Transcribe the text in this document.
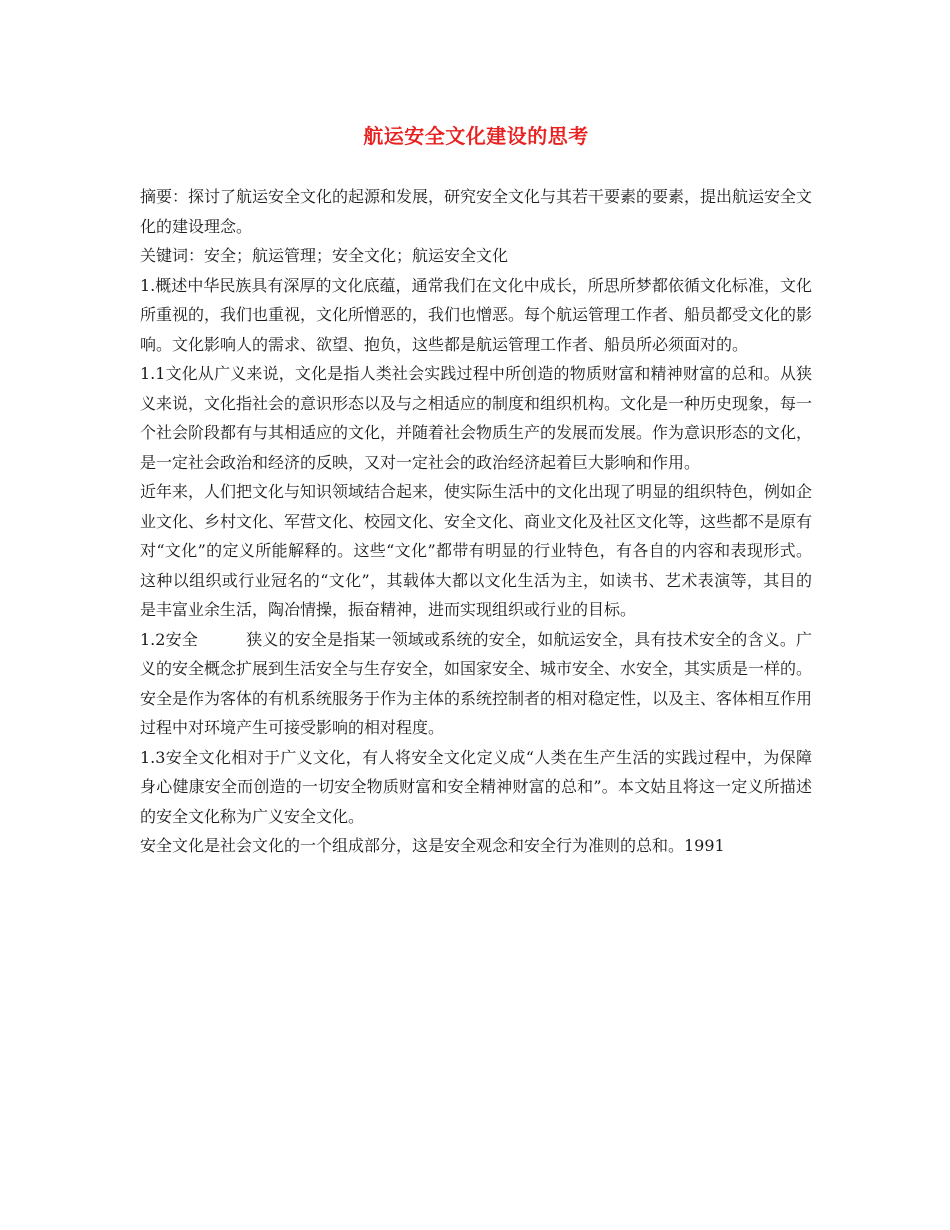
航运安全文化建设的思考

摘要：探讨了航运安全文化的起源和发展，研究安全文化与其若干要素的要素，提出航运安全文化的建设理念。

关键词：安全；航运管理；安全文化；航运安全文化

1.概述中华民族具有深厚的文化底蕴，通常我们在文化中成长，所思所梦都依循文化标准，文化所重视的，我们也重视，文化所憎恶的，我们也憎恶。每个航运管理工作者、船员都受文化的影响。文化影响人的需求、欲望、抱负，这些都是航运管理工作者、船员所必须面对的。

1.1文化从广义来说，文化是指人类社会实践过程中所创造的物质财富和精神财富的总和。从狭义来说，文化指社会的意识形态以及与之相适应的制度和组织机构。文化是一种历史现象，每一个社会阶段都有与其相适应的文化，并随着社会物质生产的发展而发展。作为意识形态的文化，是一定社会政治和经济的反映，又对一定社会的政治经济起着巨大影响和作用。

近年来，人们把文化与知识领域结合起来，使实际生活中的文化出现了明显的组织特色，例如企业文化、乡村文化、军营文化、校园文化、安全文化、商业文化及社区文化等，这些都不是原有对“文化”的定义所能解释的。这些“文化”都带有明显的行业特色，有各自的内容和表现形式。这种以组织或行业冠名的“文化”，其载体大都以文化生活为主，如读书、艺术表演等，其目的是丰富业余生活，陶冶情操，振奋精神，进而实现组织或行业的目标。

1.2安全	狭义的安全是指某一领域或系统的安全，如航运安全，具有技术安全的含义。广义的安全概念扩展到生活安全与生存安全，如国家安全、城市安全、水安全，其实质是一样的。安全是作为客体的有机系统服务于作为主体的系统控制者的相对稳定性，以及主、客体相互作用过程中对环境产生可接受影响的相对程度。

1.3安全文化相对于广义文化，有人将安全文化定义成“人类在生产生活的实践过程中，为保障身心健康安全而创造的一切安全物质财富和安全精神财富的总和”。本文姑且将这一定义所描述的安全文化称为广义安全文化。

安全文化是社会文化的一个组成部分，这是安全观念和安全行为准则的总和。1991
